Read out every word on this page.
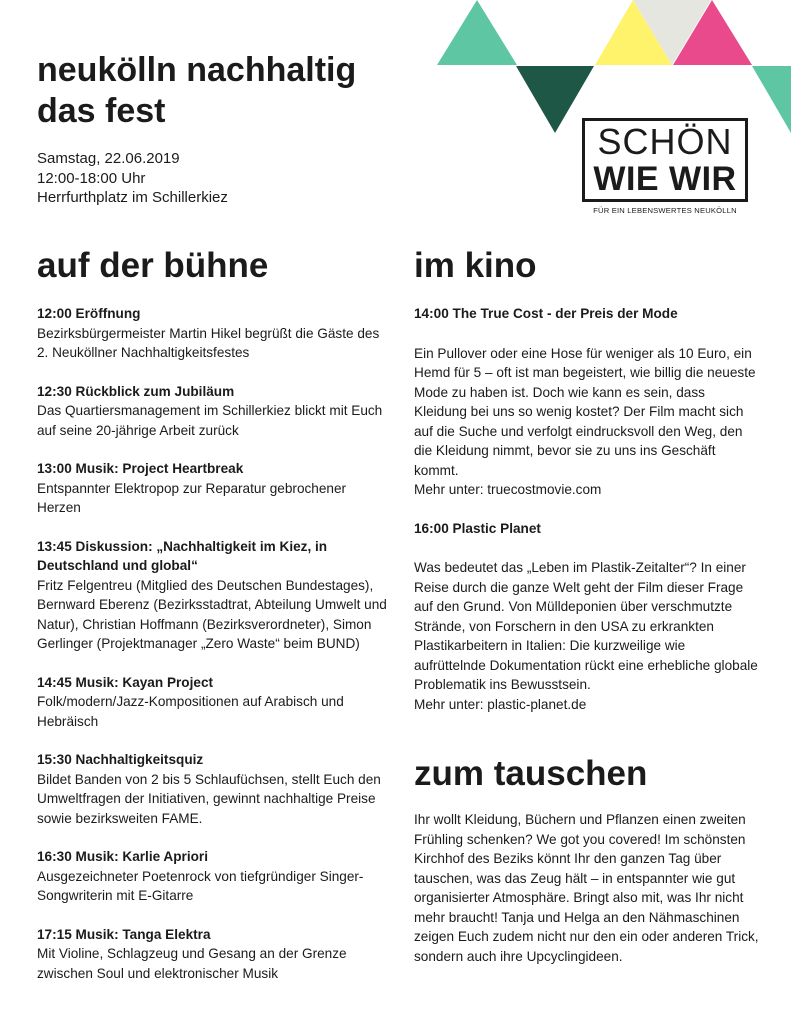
neukölln nachhaltig
das fest
Samstag, 22.06.2019
12:00-18:00 Uhr
Herrfurthplatz im Schillerkiez
SCHÖN
WIE WIR
FÜR EIN LEBENSWERTES NEUKÖLLN
auf der bühne

12:00 Eröffnung

Bezirksbürgermeister Martin Hikel begrüßt die Gäste des 2. Neuköllner Nachhaltigkeitsfestes

12:30 Rückblick zum Jubiläum

Das Quartiersmanagement im Schillerkiez blickt mit Euch auf seine 20-jährige Arbeit zurück

13:00 Musik: Project Heartbreak

Entspannter Elektropop zur Reparatur gebrochener Herzen

13:45 Diskussion: „Nachhaltigkeit im Kiez, in Deutschland und global“

Fritz Felgentreu (Mitglied des Deutschen Bundestages), Bernward Eberenz (Bezirksstadtrat, Abteilung Umwelt und Natur), Christian Hoffmann (Bezirksverordneter), Simon Gerlinger (Projektmanager „Zero Waste“ beim BUND)

14:45 Musik: Kayan Project

Folk/modern/Jazz-Kompositionen auf Arabisch und Hebräisch

15:30 Nachhaltigkeitsquiz

Bildet Banden von 2 bis 5 Schlaufüchsen, stellt Euch den Umweltfragen der Initiativen, gewinnt nachhaltige Preise sowie bezirksweiten FAME.

16:30 Musik: Karlie Apriori

Ausgezeichneter Poetenrock von tiefgründiger Singer-Songwriterin mit E-Gitarre

17:15 Musik: Tanga Elektra

Mit Violine, Schlagzeug und Gesang an der Grenze zwischen Soul und elektronischer Musik

im kino

14:00 The True Cost - der Preis der Mode

Ein Pullover oder eine Hose für weniger als 10 Euro, ein Hemd für 5 – oft ist man begeistert, wie billig die neueste Mode zu haben ist. Doch wie kann es sein, dass Kleidung bei uns so wenig kostet? Der Film macht sich auf die Suche und verfolgt eindrucksvoll den Weg, den die Kleidung nimmt, bevor sie zu uns ins Geschäft kommt.

Mehr unter: truecostmovie.com

16:00 Plastic Planet

Was bedeutet das „Leben im Plastik-Zeitalter“? In einer Reise durch die ganze Welt geht der Film dieser Frage auf den Grund. Von Mülldeponien über verschmutzte Strände, von Forschern in den USA zu erkrankten Plastikarbeitern in Italien: Die kurzweilige wie aufrüttelnde Dokumentation rückt eine erhebliche globale Problematik ins Bewusstsein.

Mehr unter: plastic-planet.de

zum tauschen

Ihr wollt Kleidung, Büchern und Pflanzen einen zweiten Frühling schenken? We got you covered! Im schönsten Kirchhof des Beziks könnt Ihr den ganzen Tag über tauschen, was das Zeug hält – in entspannter wie gut organisierter Atmosphäre. Bringt also mit, was Ihr nicht mehr braucht! Tanja und Helga an den Nähmaschinen zeigen Euch zudem nicht nur den ein oder anderen Trick, sondern auch ihre Upcyclingideen.
